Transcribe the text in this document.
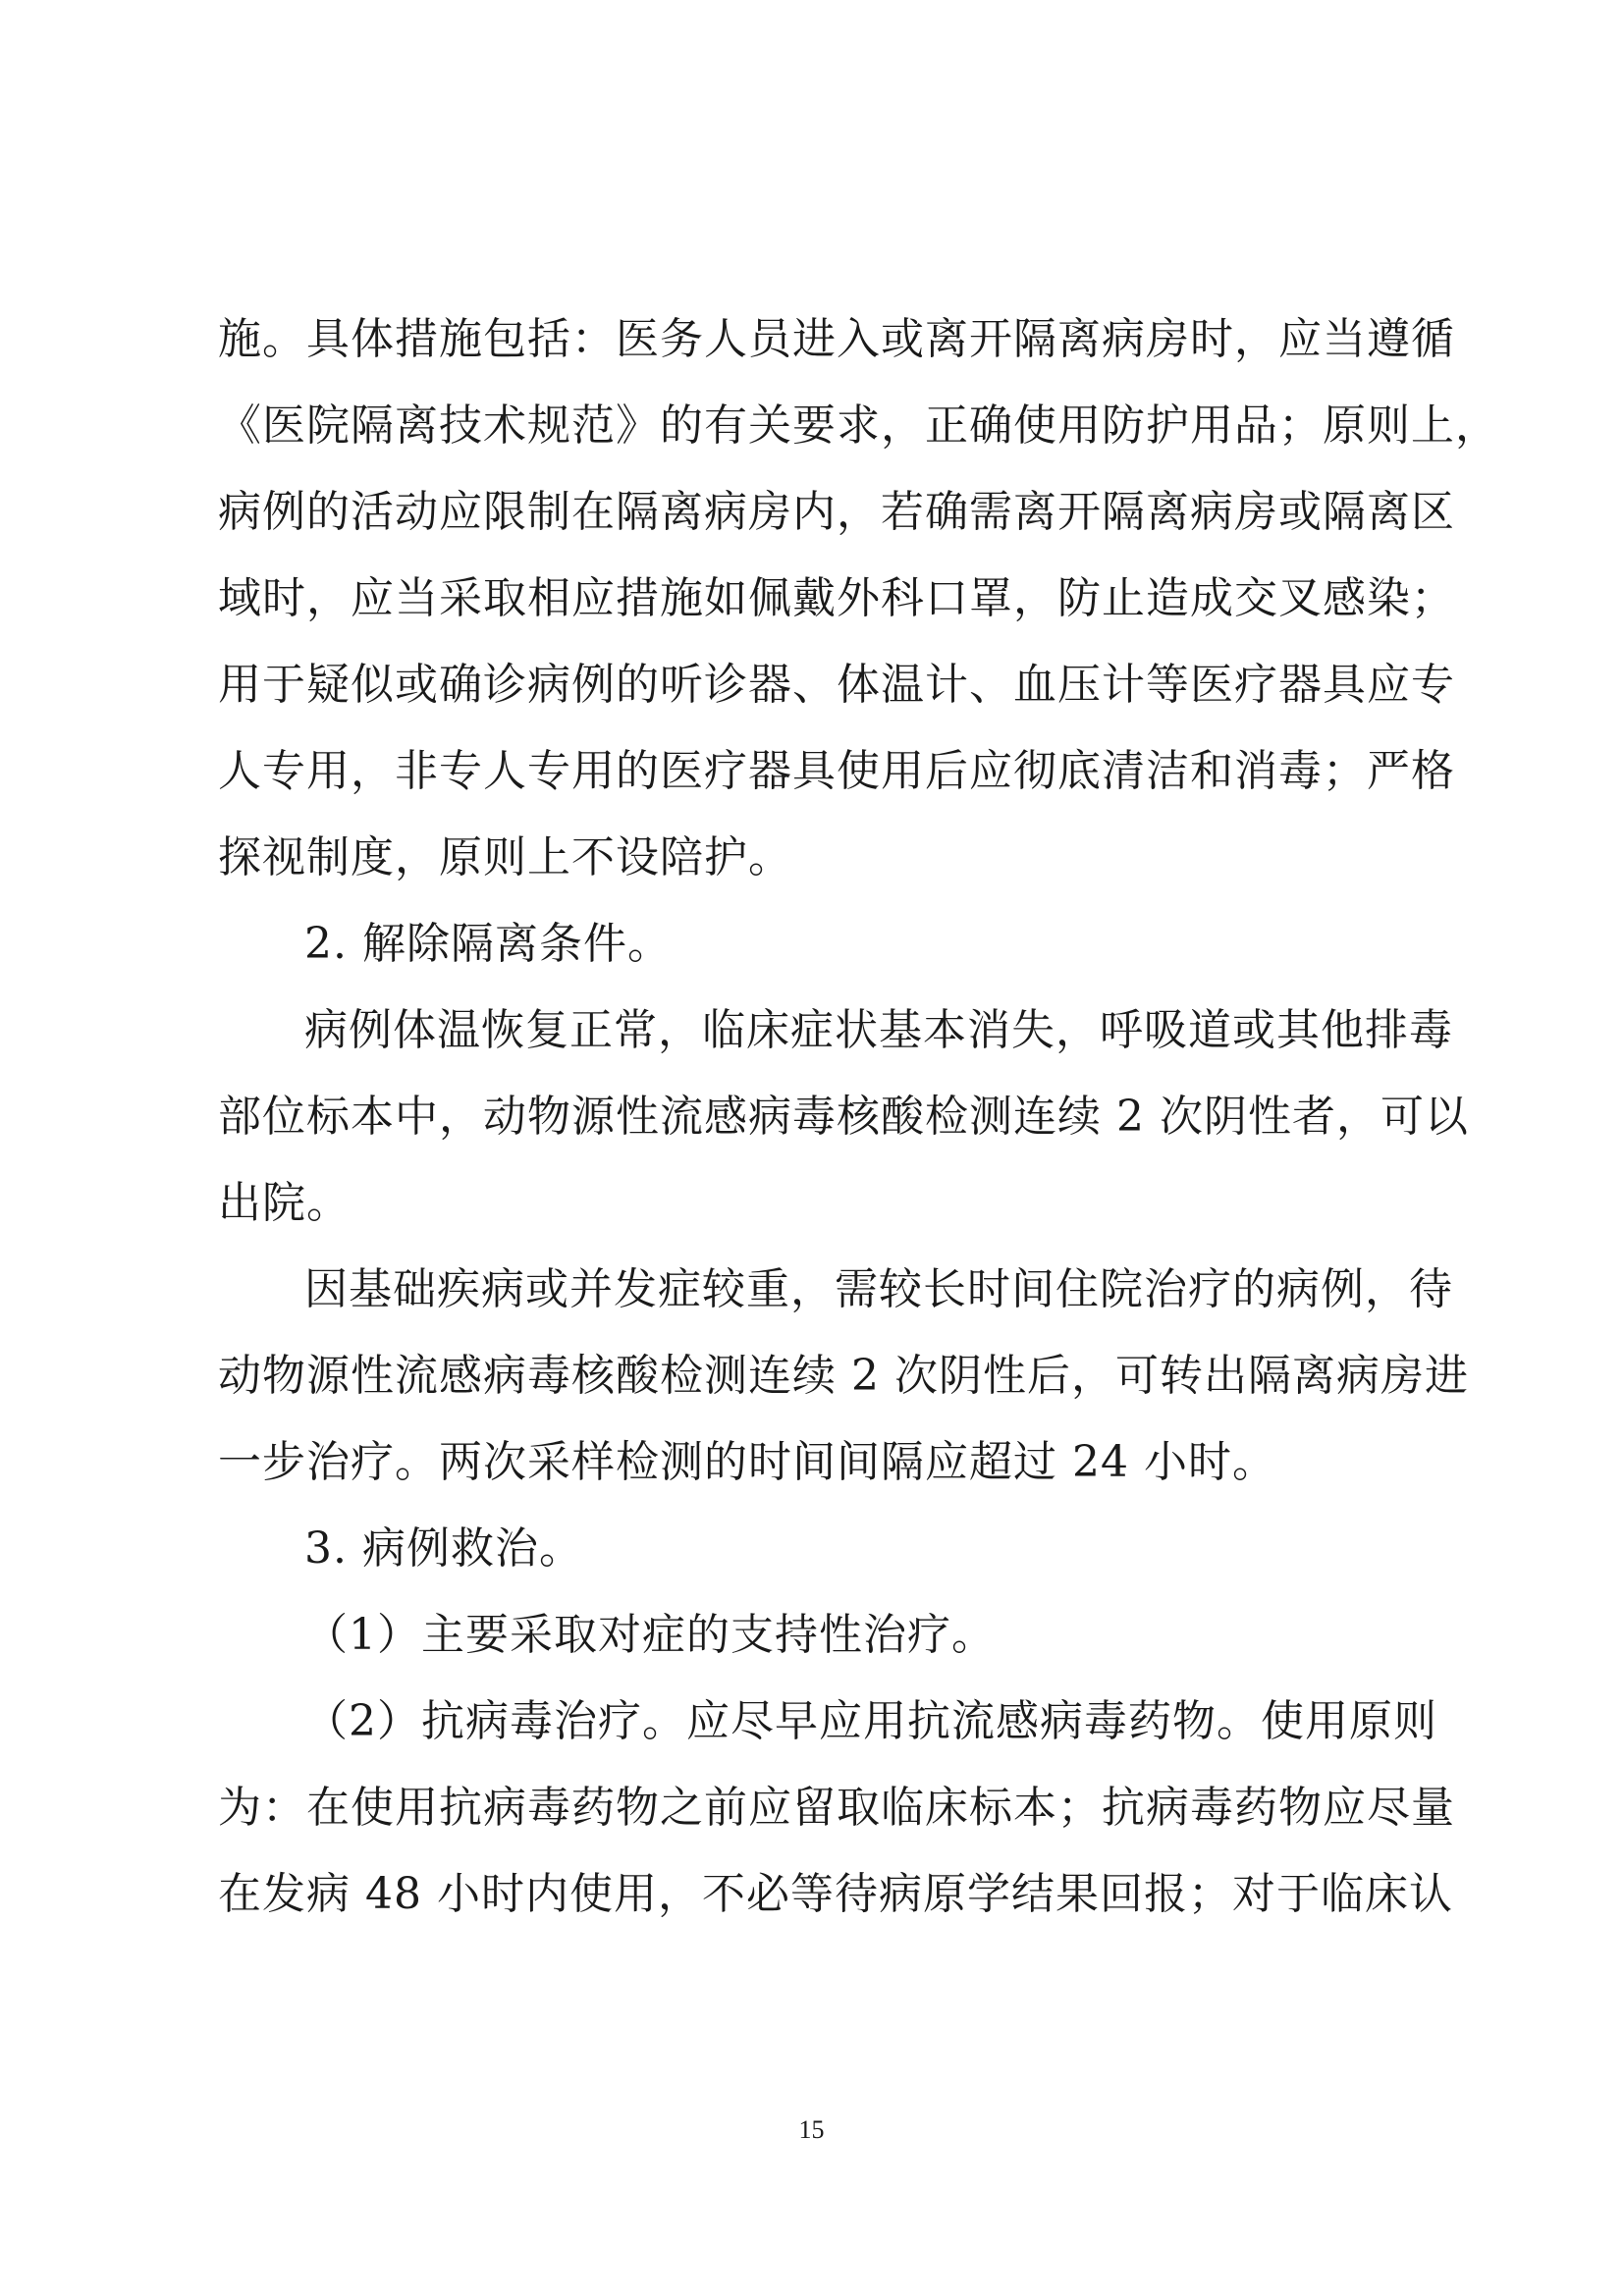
施。具体措施包括：医务人员进入或离开隔离病房时，应当遵循
《医院隔离技术规范》的有关要求，正确使用防护用品；原则上，
病例的活动应限制在隔离病房内，若确需离开隔离病房或隔离区
域时，应当采取相应措施如佩戴外科口罩，防止造成交叉感染；
用于疑似或确诊病例的听诊器、体温计、血压计等医疗器具应专
人专用，非专人专用的医疗器具使用后应彻底清洁和消毒；严格
探视制度，原则上不设陪护。
2. 解除隔离条件。
病例体温恢复正常，临床症状基本消失，呼吸道或其他排毒
部位标本中，动物源性流感病毒核酸检测连续 2 次阴性者，可以
出院。
因基础疾病或并发症较重，需较长时间住院治疗的病例，待
动物源性流感病毒核酸检测连续 2 次阴性后，可转出隔离病房进
一步治疗。两次采样检测的时间间隔应超过 24 小时。
3. 病例救治。
（1）主要采取对症的支持性治疗。
（2）抗病毒治疗。应尽早应用抗流感病毒药物。使用原则
为：在使用抗病毒药物之前应留取临床标本；抗病毒药物应尽量
在发病 48 小时内使用，不必等待病原学结果回报；对于临床认
15
